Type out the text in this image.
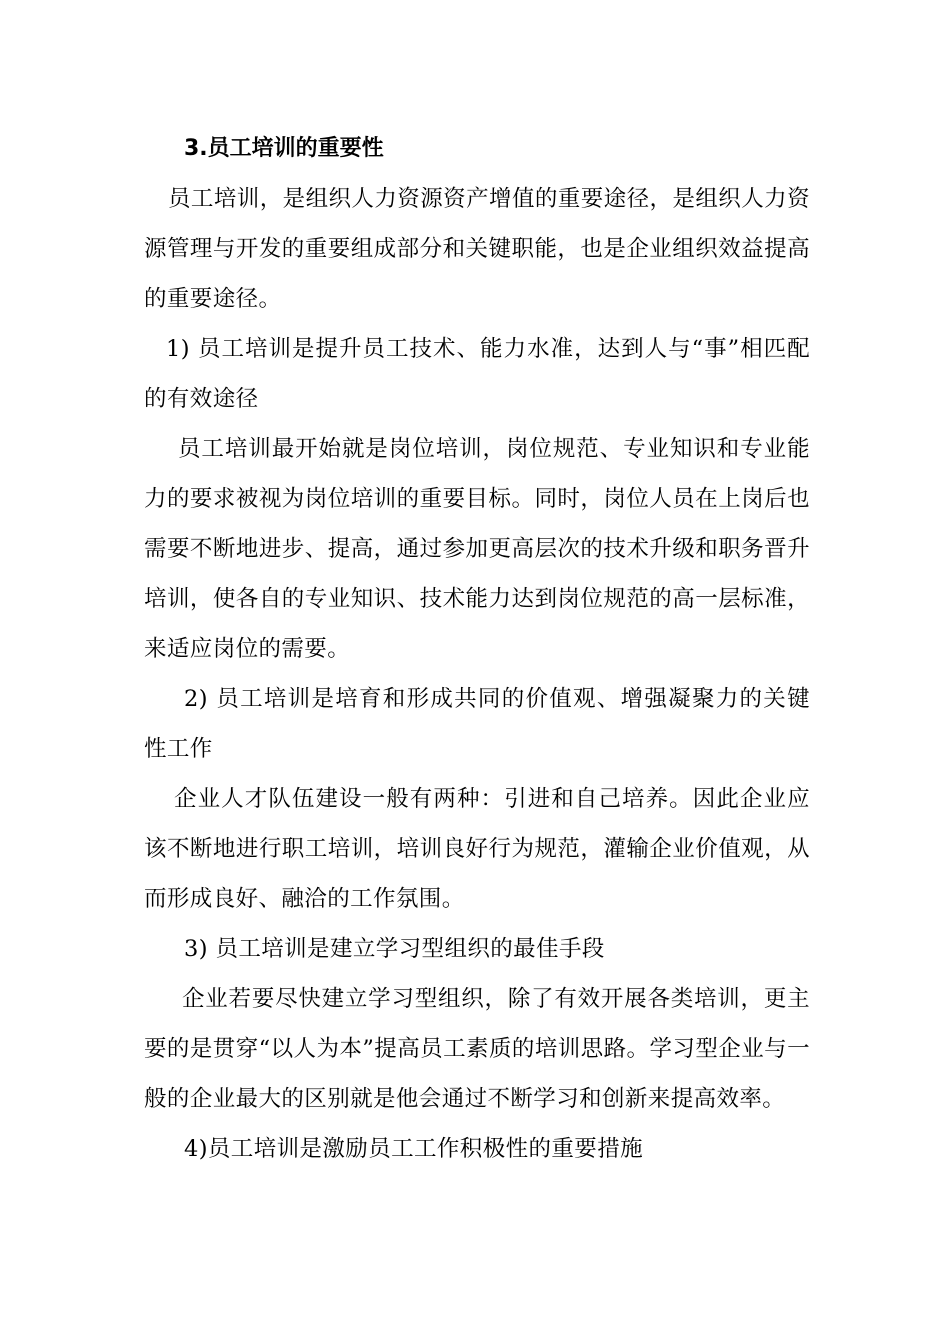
3.员工培训的重要性

员工培训，是组织人力资源资产增值的重要途径，是组织人力资源管理与开发的重要组成部分和关键职能，也是企业组织效益提高的重要途径。

1) 员工培训是提升员工技术、能力水准，达到人与“事”相匹配的有效途径

员工培训最开始就是岗位培训，岗位规范、专业知识和专业能力的要求被视为岗位培训的重要目标。同时，岗位人员在上岗后也需要不断地进步、提高，通过参加更高层次的技术升级和职务晋升培训，使各自的专业知识、技术能力达到岗位规范的高一层标准，来适应岗位的需要。

2) 员工培训是培育和形成共同的价值观、增强凝聚力的关键性工作

企业人才队伍建设一般有两种：引进和自己培养。因此企业应该不断地进行职工培训，培训良好行为规范，灌输企业价值观，从而形成良好、融洽的工作氛围。

3) 员工培训是建立学习型组织的最佳手段

企业若要尽快建立学习型组织，除了有效开展各类培训，更主要的是贯穿“以人为本”提高员工素质的培训思路。学习型企业与一般的企业最大的区别就是他会通过不断学习和创新来提高效率。

4)员工培训是激励员工工作积极性的重要措施
